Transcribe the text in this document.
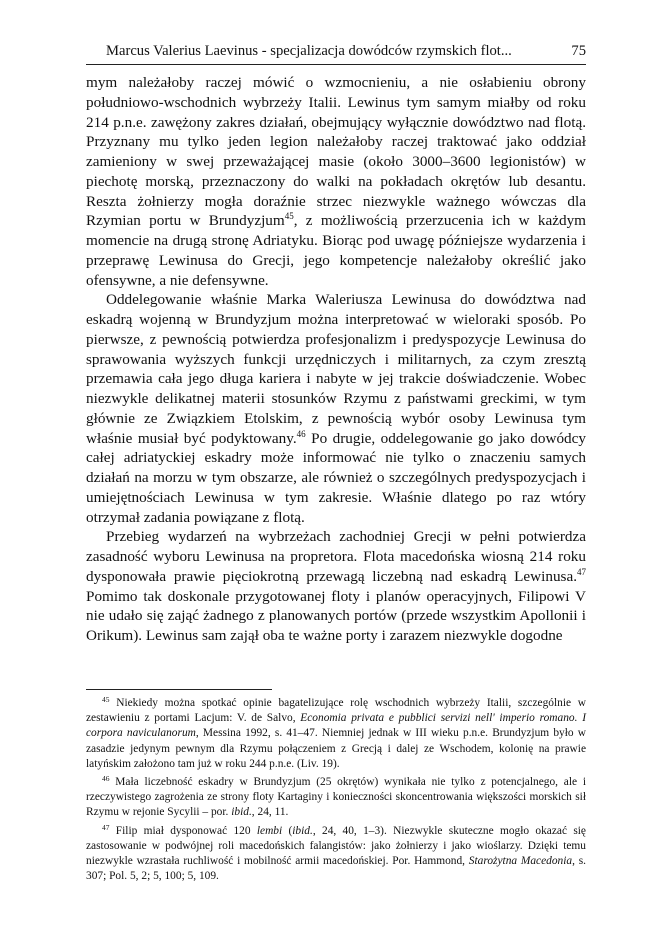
Marcus Valerius Laevinus - specjalizacja dowódców rzymskich flot...	75

mym należałoby raczej mówić o wzmocnieniu, a nie osłabieniu obrony południowo-wschodnich wybrzeży Italii. Lewinus tym samym miałby od roku 214 p.n.e. zawężony zakres działań, obejmujący wyłącznie dowództwo nad flotą. Przyznany mu tylko jeden legion należałoby raczej traktować jako oddział zamieniony w swej przeważającej masie (około 3000–3600 legionistów) w piechotę morską, przeznaczony do walki na pokładach okrętów lub desantu. Reszta żołnierzy mogła doraźnie strzec niezwykle ważnego wówczas dla Rzymian portu w Brundyzjum$^{45}$, z możliwością przerzucenia ich w każdym momencie na drugą stronę Adriatyku. Biorąc pod uwagę późniejsze wydarzenia i przeprawę Lewinusa do Grecji, jego kompetencje należałoby określić jako ofensywne, a nie defensywne.

Oddelegowanie właśnie Marka Waleriusza Lewinusa do dowództwa nad eskadrą wojenną w Brundyzjum można interpretować w wieloraki sposób. Po pierwsze, z pewnością potwierdza profesjonalizm i predyspozycje Lewinusa do sprawowania wyższych funkcji urzędniczych i militarnych, za czym zresztą przemawia cała jego długa kariera i nabyte w jej trakcie doświadczenie. Wobec niezwykle delikatnej materii stosunków Rzymu z państwami greckimi, w tym głównie ze Związkiem Etolskim, z pewnością wybór osoby Lewinusa tym właśnie musiał być podyktowany.$^{46}$ Po drugie, oddelegowanie go jako dowódcy całej adriatyckiej eskadry może informować nie tylko o znaczeniu samych działań na morzu w tym obszarze, ale również o szczególnych predyspozycjach i umiejętnościach Lewinusa w tym zakresie. Właśnie dlatego po raz wtóry otrzymał zadania powiązane z flotą.

Przebieg wydarzeń na wybrzeżach zachodniej Grecji w pełni potwierdza zasadność wyboru Lewinusa na propretora. Flota macedońska wiosną 214 roku dysponowała prawie pięciokrotną przewagą liczebną nad eskadrą Lewinusa.$^{47}$ Pomimo tak doskonale przygotowanej floty i planów operacyjnych, Filipowi V nie udało się zająć żadnego z planowanych portów (przede wszystkim Apollonii i Orikum). Lewinus sam zajął oba te ważne porty i zarazem niezwykle dogodne

$^{45}$ Niekiedy można spotkać opinie bagatelizujące rolę wschodnich wybrzeży Italii, szczególnie w zestawieniu z portami Lacjum: V. de Salvo, Economia privata e pubblici servizi nell' imperio romano. I corpora naviculanorum, Messina 1992, s. 41–47. Niemniej jednak w III wieku p.n.e. Brundyzjum było w zasadzie jedynym pewnym dla Rzymu połączeniem z Grecją i dalej ze Wschodem, kolonię na prawie latyńskim założono tam już w roku 244 p.n.e. (Liv. 19).

$^{46}$ Mała liczebność eskadry w Brundyzjum (25 okrętów) wynikała nie tylko z potencjalnego, ale i rzeczywistego zagrożenia ze strony floty Kartaginy i konieczności skoncentrowania większości morskich sił Rzymu w rejonie Sycylii – por. ibid., 24, 11.

$^{47}$ Filip miał dysponować 120 lembi (ibid., 24, 40, 1–3). Niezwykle skuteczne mogło okazać się zastosowanie w podwójnej roli macedońskich falangistów: jako żołnierzy i jako wioślarzy. Dzięki temu niezwykle wzrastała ruchliwość i mobilność armii macedońskiej. Por. Hammond, Starożytna Macedonia, s. 307; Pol. 5, 2; 5, 100; 5, 109.
